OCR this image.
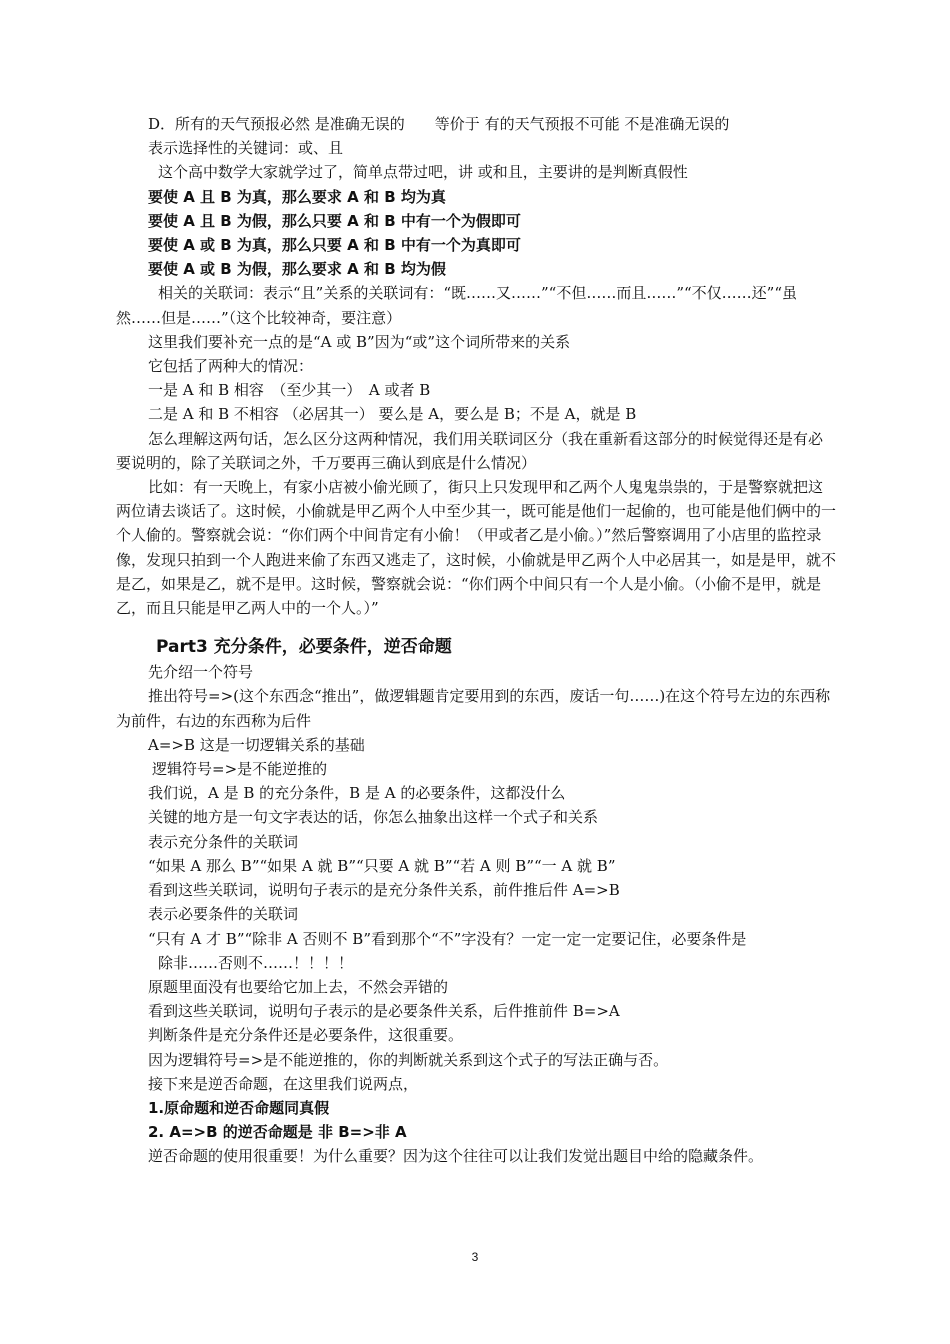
D．所有的天气预报必然 是准确无误的　　等价于 有的天气预报不可能 不是准确无误的

表示选择性的关键词：或、且

这个高中数学大家就学过了，简单点带过吧，讲 或和且，主要讲的是判断真假性

要使 A 且 B 为真，那么要求 A 和 B 均为真

要使 A 且 B 为假，那么只要 A 和 B 中有一个为假即可

要使 A 或 B 为真，那么只要 A 和 B 中有一个为真即可

要使 A 或 B 为假，那么要求 A 和 B 均为假

相关的关联词：表示“且”关系的关联词有：“既……又……”“不但……而且……”“不仅……还”“虽然……但是……”（这个比较神奇，要注意）

这里我们要补充一点的是“A 或 B”因为“或”这个词所带来的关系

它包括了两种大的情况：

一是 A 和 B 相容　（至少其一）　A 或者 B

二是 A 和 B 不相容 （必居其一） 要么是 A，要么是 B；不是 A，就是 B

怎么理解这两句话，怎么区分这两种情况，我们用关联词区分（我在重新看这部分的时候觉得还是有必要说明的，除了关联词之外，千万要再三确认到底是什么情况）

比如：有一天晚上，有家小店被小偷光顾了，街只上只发现甲和乙两个人鬼鬼祟祟的，于是警察就把这两位请去谈话了。这时候，小偷就是甲乙两个人中至少其一，既可能是他们一起偷的，也可能是他们俩中的一个人偷的。警察就会说：“你们两个中间肯定有小偷！（甲或者乙是小偷。）”然后警察调用了小店里的监控录像，发现只拍到一个人跑进来偷了东西又逃走了，这时候，小偷就是甲乙两个人中必居其一，如是是甲，就不是乙，如果是乙，就不是甲。这时候，警察就会说：“你们两个中间只有一个人是小偷。（小偷不是甲，就是乙，而且只能是甲乙两人中的一个人。）”

Part3 充分条件，必要条件，逆否命题

先介绍一个符号

推出符号=>(这个东西念“推出”，做逻辑题肯定要用到的东西，废话一句……)在这个符号左边的东西称为前件，右边的东西称为后件

A=>B 这是一切逻辑关系的基础

逻辑符号=>是不能逆推的

我们说，A 是 B 的充分条件，B 是 A 的必要条件，这都没什么

关键的地方是一句文字表达的话，你怎么抽象出这样一个式子和关系

表示充分条件的关联词

“如果 A 那么 B”“如果 A 就 B”“只要 A 就 B”“若 A 则 B”“一 A 就 B”

看到这些关联词，说明句子表示的是充分条件关系，前件推后件 A=>B

表示必要条件的关联词

“只有 A 才 B”“除非 A 否则不 B”看到那个“不”字没有？一定一定一定要记住，必要条件是

除非……否则不……！！！！

原题里面没有也要给它加上去，不然会弄错的

看到这些关联词，说明句子表示的是必要条件关系，后件推前件 B=>A

判断条件是充分条件还是必要条件，这很重要。

因为逻辑符号=>是不能逆推的，你的判断就关系到这个式子的写法正确与否。

接下来是逆否命题，在这里我们说两点，

1.原命题和逆否命题同真假

2. A=>B 的逆否命题是 非 B=>非 A

逆否命题的使用很重要！为什么重要？因为这个往往可以让我们发觉出题目中给的隐藏条件。

3
